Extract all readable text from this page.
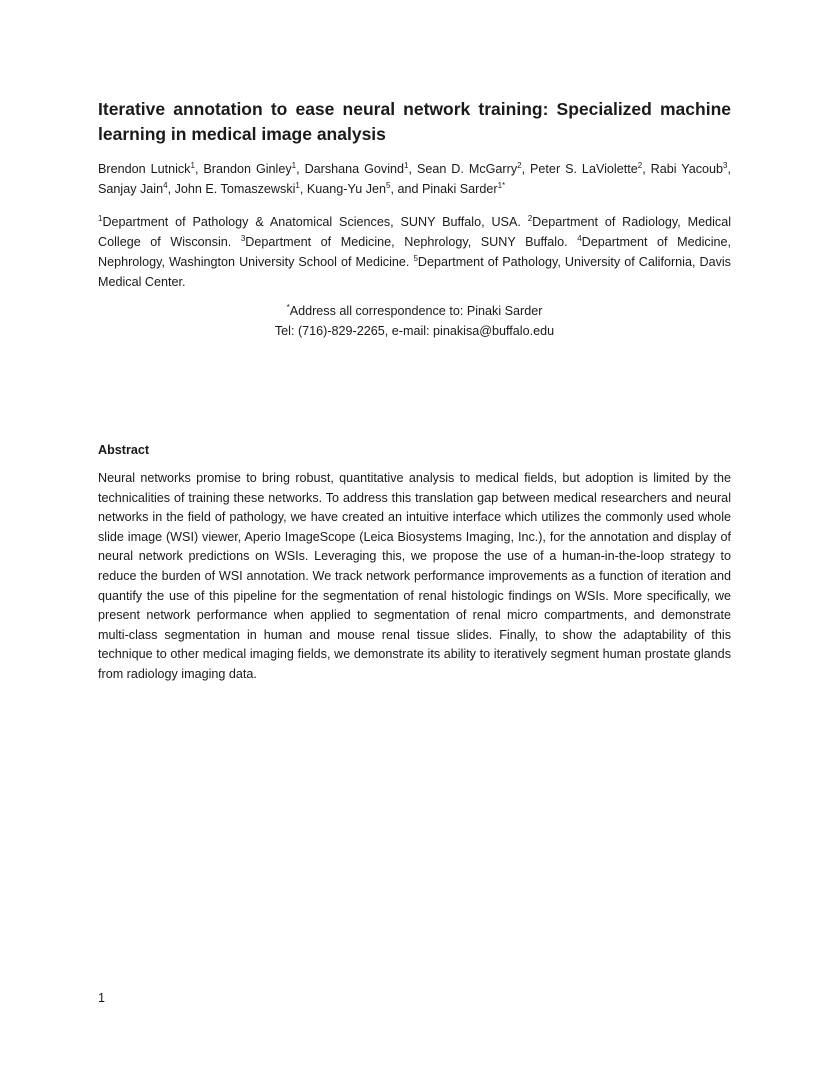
Iterative annotation to ease neural network training: Specialized machine learning in medical image analysis
Brendon Lutnick$^1$, Brandon Ginley$^1$, Darshana Govind$^1$, Sean D. McGarry$^2$, Peter S. LaViolette$^2$, Rabi Yacoub$^3$, Sanjay Jain$^4$, John E. Tomaszewski$^1$, Kuang-Yu Jen$^5$, and Pinaki Sarder$^{1*}$
$^1$Department of Pathology & Anatomical Sciences, SUNY Buffalo, USA. $^2$Department of Radiology, Medical College of Wisconsin. $^3$Department of Medicine, Nephrology, SUNY Buffalo. $^4$Department of Medicine, Nephrology, Washington University School of Medicine. $^5$Department of Pathology, University of California, Davis Medical Center.
*Address all correspondence to: Pinaki Sarder
Tel: (716)-829-2265, e-mail: pinakisa@buffalo.edu
Abstract
Neural networks promise to bring robust, quantitative analysis to medical fields, but adoption is limited by the technicalities of training these networks. To address this translation gap between medical researchers and neural networks in the field of pathology, we have created an intuitive interface which utilizes the commonly used whole slide image (WSI) viewer, Aperio ImageScope (Leica Biosystems Imaging, Inc.), for the annotation and display of neural network predictions on WSIs. Leveraging this, we propose the use of a human-in-the-loop strategy to reduce the burden of WSI annotation. We track network performance improvements as a function of iteration and quantify the use of this pipeline for the segmentation of renal histologic findings on WSIs. More specifically, we present network performance when applied to segmentation of renal micro compartments, and demonstrate multi-class segmentation in human and mouse renal tissue slides. Finally, to show the adaptability of this technique to other medical imaging fields, we demonstrate its ability to iteratively segment human prostate glands from radiology imaging data.
1
